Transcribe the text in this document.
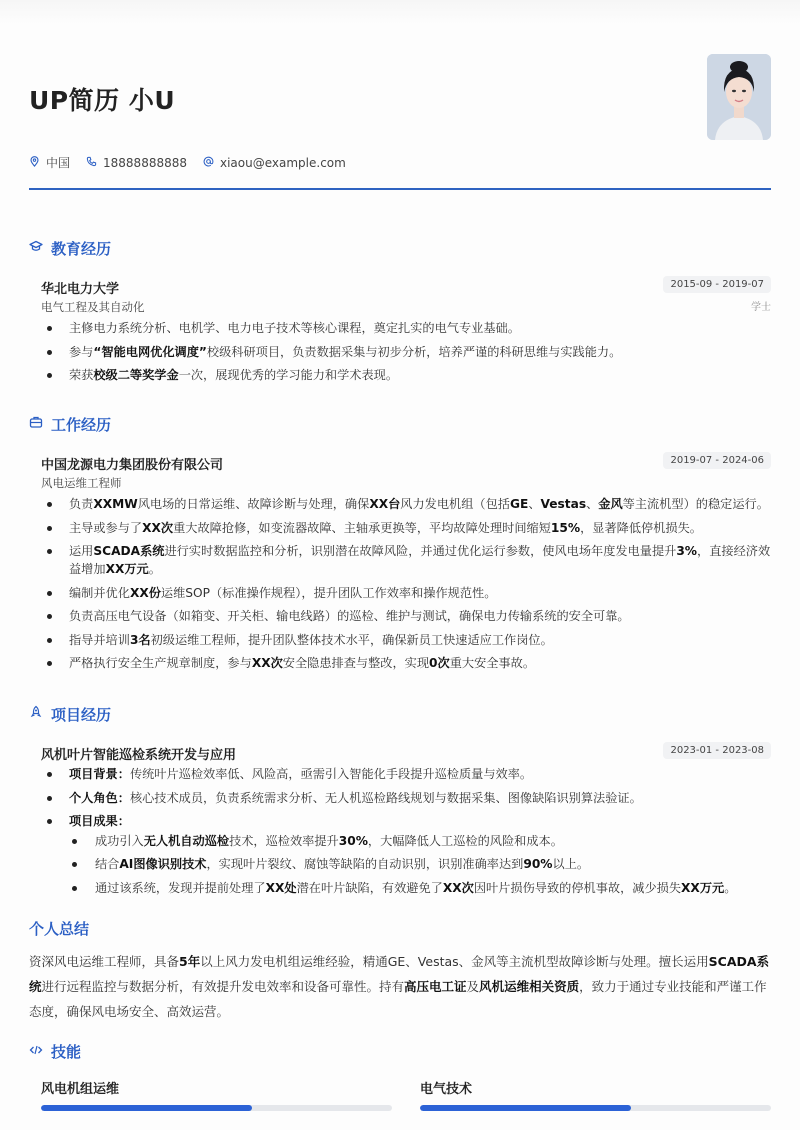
UP简历 小U
中国	18888888888	xiaou@example.com
教育经历
华北电力大学
电气工程及其自动化
2015-09 - 2019-07
学士
主修电力系统分析、电机学、电力电子技术等核心课程，奠定扎实的电气专业基础。
参与“智能电网优化调度”校级科研项目，负责数据采集与初步分析，培养严谨的科研思维与实践能力。
荣获校级二等奖学金一次，展现优秀的学习能力和学术表现。
工作经历
中国龙源电力集团股份有限公司
风电运维工程师
2019-07 - 2024-06
负责XXMW风电场的日常运维、故障诊断与处理，确保XX台风力发电机组（包括GE、Vestas、金风等主流机型）的稳定运行。
主导或参与了XX次重大故障抢修，如变流器故障、主轴承更换等，平均故障处理时间缩短15%，显著降低停机损失。
运用SCADA系统进行实时数据监控和分析，识别潜在故障风险，并通过优化运行参数，使风电场年度发电量提升3%，直接经济效益增加XX万元。
编制并优化XX份运维SOP（标准操作规程），提升团队工作效率和操作规范性。
负责高压电气设备（如箱变、开关柜、输电线路）的巡检、维护与测试，确保电力传输系统的安全可靠。
指导并培训3名初级运维工程师，提升团队整体技术水平，确保新员工快速适应工作岗位。
严格执行安全生产规章制度，参与XX次安全隐患排查与整改，实现0次重大安全事故。
项目经历
风机叶片智能巡检系统开发与应用	2023-01 - 2023-08
项目背景：传统叶片巡检效率低、风险高，亟需引入智能化手段提升巡检质量与效率。
个人角色：核心技术成员，负责系统需求分析、无人机巡检路线规划与数据采集、图像缺陷识别算法验证。
项目成果：
成功引入无人机自动巡检技术，巡检效率提升30%，大幅降低人工巡检的风险和成本。
结合AI图像识别技术，实现叶片裂纹、腐蚀等缺陷的自动识别，识别准确率达到90%以上。
通过该系统，发现并提前处理了XX处潜在叶片缺陷，有效避免了XX次因叶片损伤导致的停机事故，减少损失XX万元。
个人总结
资深风电运维工程师，具备5年以上风力发电机组运维经验，精通GE、Vestas、金风等主流机型故障诊断与处理。擅长运用SCADA系统进行远程监控与数据分析，有效提升发电效率和设备可靠性。持有高压电工证及风机运维相关资质，致力于通过专业技能和严谨工作态度，确保风电场安全、高效运营。
技能
风电机组运维	电气技术
